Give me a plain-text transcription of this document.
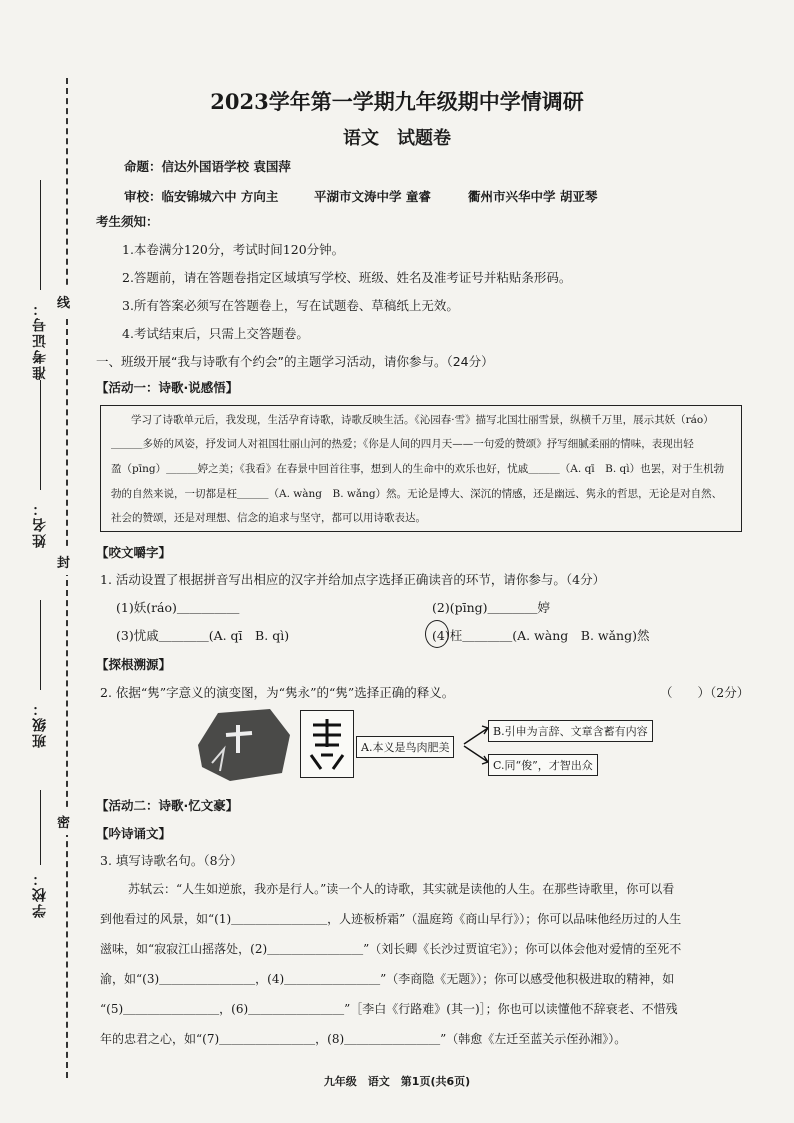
线
封
密
准考证号：
姓名：
班级：
学校：
2023学年第一学期九年级期中学情调研
语文　试题卷
命题：信达外国语学校 袁国萍
审校：临安锦城六中 方向主	平湖市文涛中学 童睿	衢州市兴华中学 胡亚琴
考生须知：
1.本卷满分120分，考试时间120分钟。
2.答题前，请在答题卷指定区域填写学校、班级、姓名及准考证号并粘贴条形码。
3.所有答案必须写在答题卷上，写在试题卷、草稿纸上无效。
4.考试结束后，只需上交答题卷。
一、班级开展“我与诗歌有个约会”的主题学习活动，请你参与。（24分）
【活动一：诗歌·说感悟】
学习了诗歌单元后，我发现，生活孕育诗歌，诗歌反映生活。《沁园春·雪》描写北国壮丽雪景，纵横千万里，展示其妖（ráo）
＿＿＿多娇的风姿，抒发词人对祖国壮丽山河的热爱；《你是人间的四月天——一句爱的赞颂》抒写细腻柔丽的情味，表现出轻
盈（pīng）＿＿＿婷之美；《我看》在春景中回首往事，想到人的生命中的欢乐也好，忧戚＿＿＿（A. qī　B. qì）也罢，对于生机勃
勃的自然来说，一切都是枉＿＿＿（A. wàng　B. wǎng）然。无论是博大、深沉的情感，还是幽远、隽永的哲思，无论是对自然、
社会的赞颂，还是对理想、信念的追求与坚守，都可以用诗歌表达。
【咬文嚼字】
1. 活动设置了根据拼音写出相应的汉字并给加点字选择正确读音的环节，请你参与。（4分）
(1)妖(ráo)＿＿＿＿＿	(2)(pīng)＿＿＿＿婷
(3)忧戚＿＿＿＿(A. qī　B. qì)	(4)枉＿＿＿＿(A. wàng　B. wǎng)然
【探根溯源】
2. 依据“隽”字意义的演变图，为“隽永”的“隽”选择正确的释义。	（　　）（2分）
A.本义是鸟肉肥美
B.引申为言辞、文章含蓄有内容
C.同“俊”，才智出众
【活动二：诗歌·忆文豪】
【吟诗诵文】
3. 填写诗歌名句。（8分）
苏轼云：“人生如逆旅，我亦是行人。”读一个人的诗歌，其实就是读他的人生。在那些诗歌里，你可以看
到他看过的风景，如“(1)＿＿＿＿＿＿＿＿，人迹板桥霜”（温庭筠《商山早行》）；你可以品味他经历过的人生
滋味，如“寂寂江山摇落处，(2)＿＿＿＿＿＿＿＿”（刘长卿《长沙过贾谊宅》）；你可以体会他对爱情的至死不
渝，如“(3)＿＿＿＿＿＿＿＿，(4)＿＿＿＿＿＿＿＿”（李商隐《无题》）；你可以感受他积极进取的精神，如
“(5)＿＿＿＿＿＿＿＿，(6)＿＿＿＿＿＿＿＿”［李白《行路难》(其一)］；你也可以读懂他不辞衰老、不惜残
年的忠君之心，如“(7)＿＿＿＿＿＿＿＿，(8)＿＿＿＿＿＿＿＿”（韩愈《左迁至蓝关示侄孙湘》）。
九年级　语文　第1页(共6页)
